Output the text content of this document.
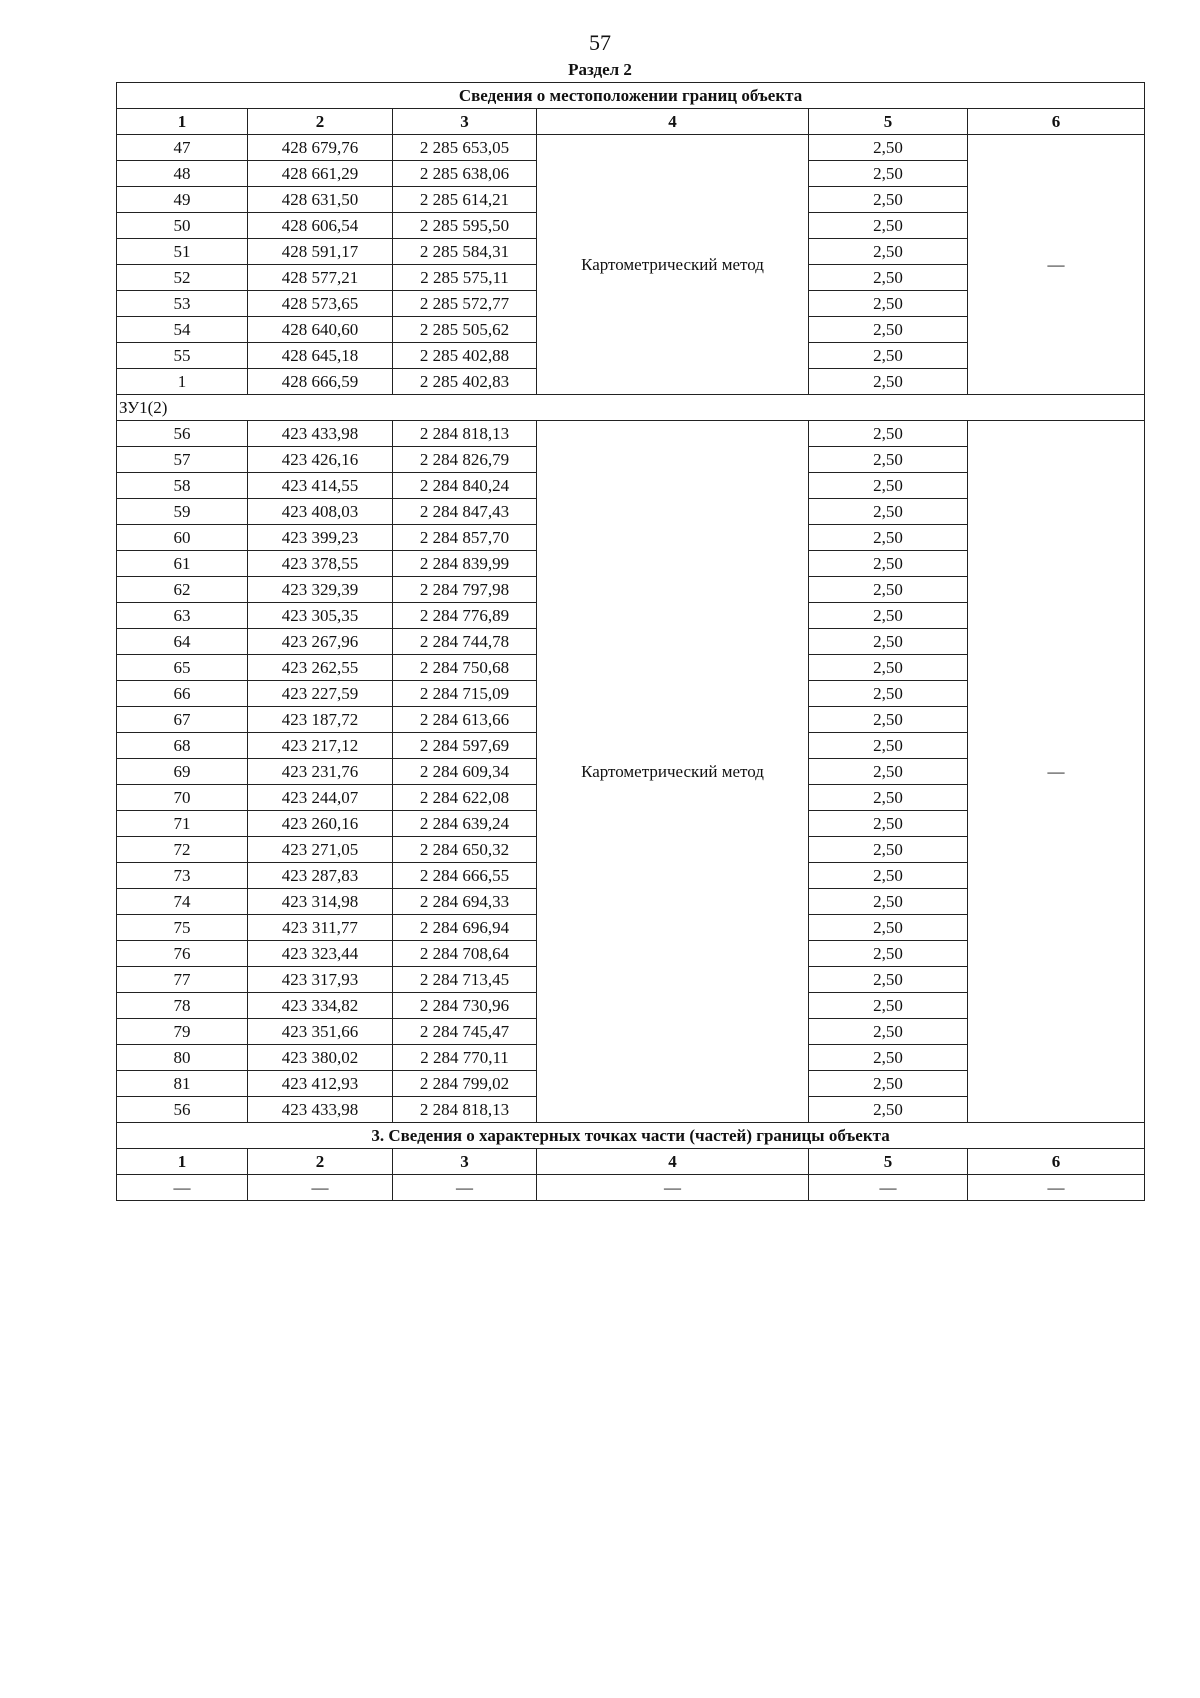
57
Раздел 2
Сведения о местоположении границ объекта					
1	2	3	4	5	6
47	428 679,76	2 285 653,05	Картометрический метод	2,50	—
48	428 661,29	2 285 638,06		2,50	
49	428 631,50	2 285 614,21		2,50	
50	428 606,54	2 285 595,50		2,50	
51	428 591,17	2 285 584,31		2,50	
52	428 577,21	2 285 575,11		2,50	
53	428 573,65	2 285 572,77		2,50	
54	428 640,60	2 285 505,62		2,50	
55	428 645,18	2 285 402,88		2,50	
1	428 666,59	2 285 402,83		2,50	
ЗУ1(2)					
56	423 433,98	2 284 818,13	Картометрический метод	2,50	—
57	423 426,16	2 284 826,79		2,50	
58	423 414,55	2 284 840,24		2,50	
59	423 408,03	2 284 847,43		2,50	
60	423 399,23	2 284 857,70		2,50	
61	423 378,55	2 284 839,99		2,50	
62	423 329,39	2 284 797,98		2,50	
63	423 305,35	2 284 776,89		2,50	
64	423 267,96	2 284 744,78		2,50	
65	423 262,55	2 284 750,68		2,50	
66	423 227,59	2 284 715,09		2,50	
67	423 187,72	2 284 613,66		2,50	
68	423 217,12	2 284 597,69		2,50	
69	423 231,76	2 284 609,34		2,50	
70	423 244,07	2 284 622,08		2,50	
71	423 260,16	2 284 639,24		2,50	
72	423 271,05	2 284 650,32		2,50	
73	423 287,83	2 284 666,55		2,50	
74	423 314,98	2 284 694,33		2,50	
75	423 311,77	2 284 696,94		2,50	
76	423 323,44	2 284 708,64		2,50	
77	423 317,93	2 284 713,45		2,50	
78	423 334,82	2 284 730,96		2,50	
79	423 351,66	2 284 745,47		2,50	
80	423 380,02	2 284 770,11		2,50	
81	423 412,93	2 284 799,02		2,50	
56	423 433,98	2 284 818,13		2,50	
3. Сведения о характерных точках части (частей) границы объекта					
1	2	3	4	5	6
—	—	—	—	—	—
